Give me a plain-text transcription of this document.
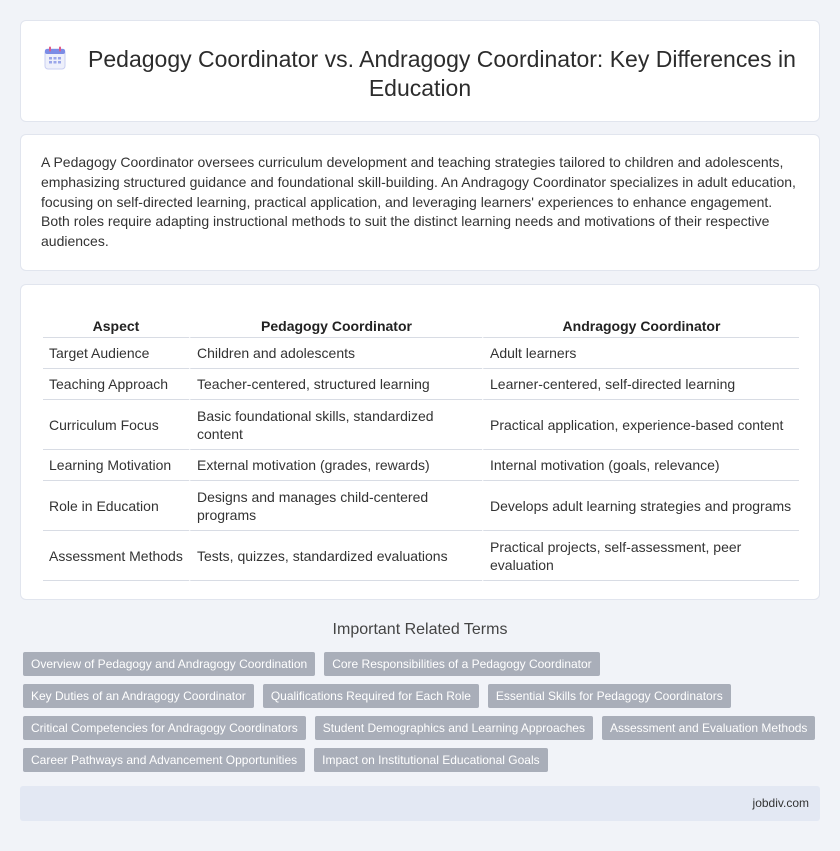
Pedagogy Coordinator vs. Andragogy Coordinator: Key Differences in Education

A Pedagogy Coordinator oversees curriculum development and teaching strategies tailored to children and adolescents, emphasizing structured guidance and foundational skill-building. An Andragogy Coordinator specializes in adult education, focusing on self-directed learning, practical application, and leveraging learners' experiences to enhance engagement. Both roles require adapting instructional methods to suit the distinct learning needs and motivations of their respective audiences.

Aspect	Pedagogy Coordinator	Andragogy Coordinator
Target Audience	Children and adolescents	Adult learners
Teaching Approach	Teacher-centered, structured learning	Learner-centered, self-directed learning
Curriculum Focus	Basic foundational skills, standardized content	Practical application, experience-based content
Learning Motivation	External motivation (grades, rewards)	Internal motivation (goals, relevance)
Role in Education	Designs and manages child-centered programs	Develops adult learning strategies and programs
Assessment Methods	Tests, quizzes, standardized evaluations	Practical projects, self-assessment, peer evaluation
Important Related Terms
Overview of Pedagogy and Andragogy Coordination	Core Responsibilities of a Pedagogy Coordinator
Key Duties of an Andragogy Coordinator	Qualifications Required for Each Role	Essential Skills for Pedagogy Coordinators
Critical Competencies for Andragogy Coordinators	Student Demographics and Learning Approaches	Assessment and Evaluation Methods
Career Pathways and Advancement Opportunities	Impact on Institutional Educational Goals
jobdiv.com
